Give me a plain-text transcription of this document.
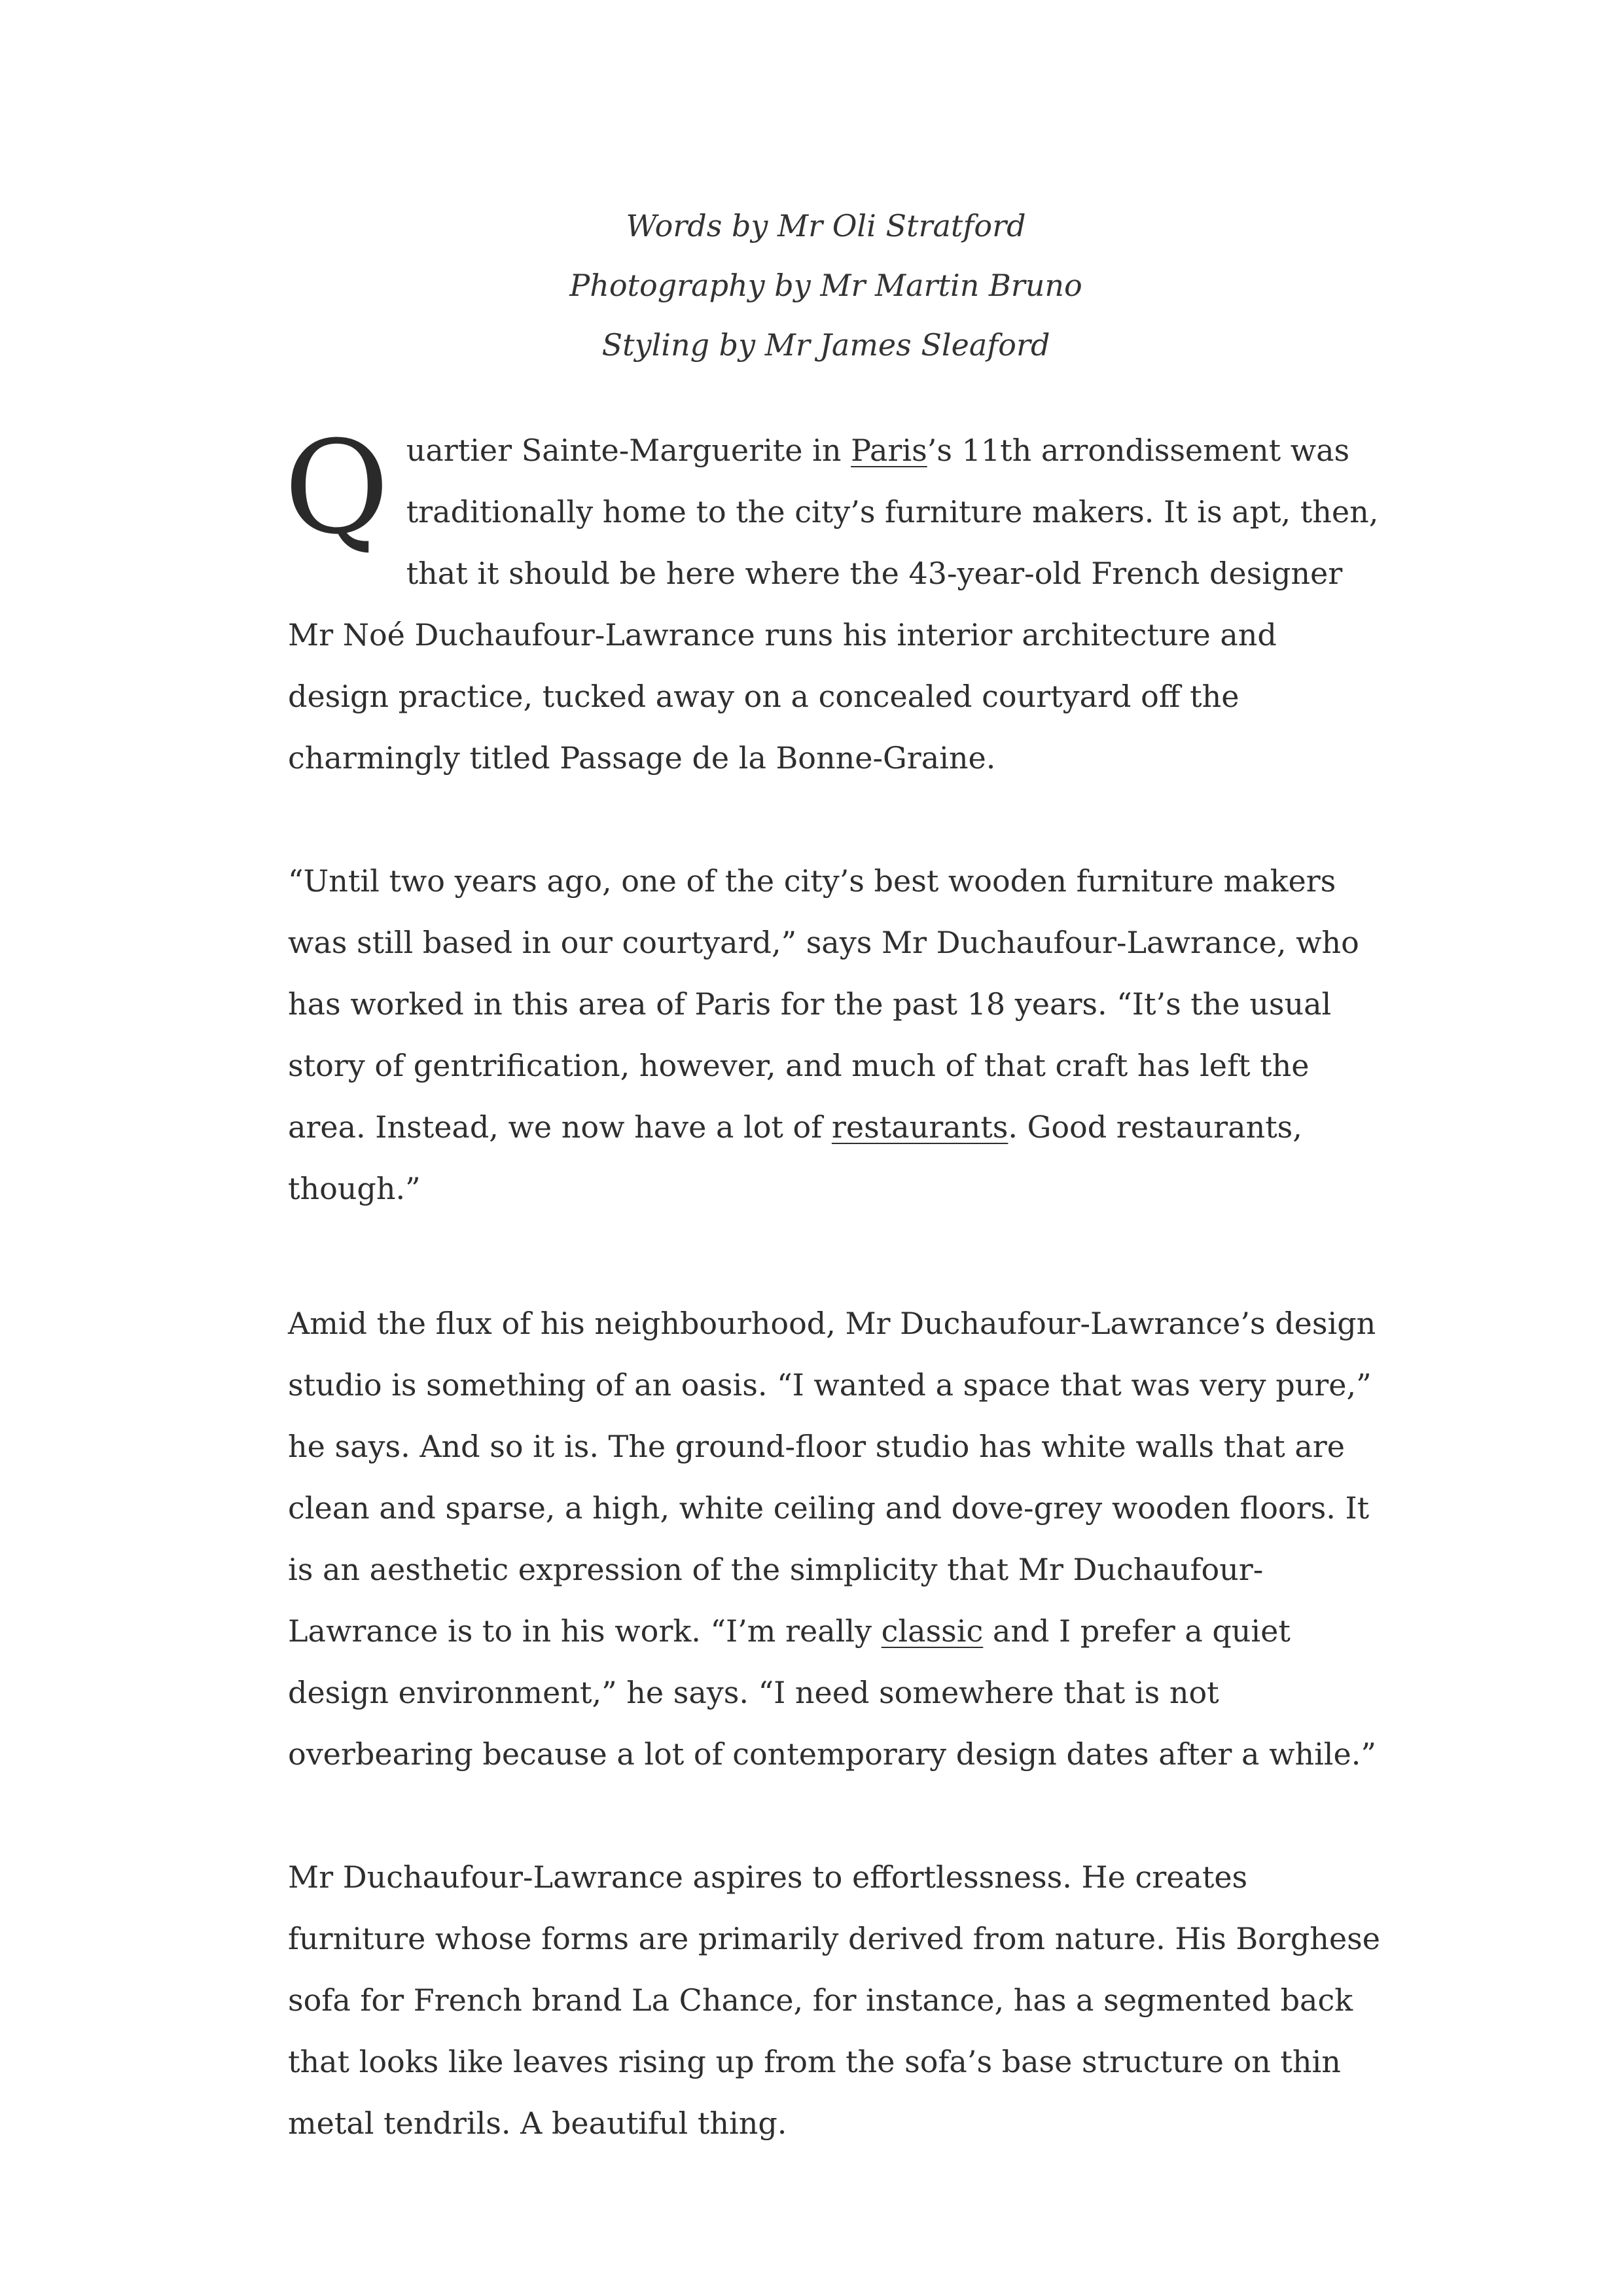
Words by Mr Oli Stratford
Photography by Mr Martin Bruno
Styling by Mr James Sleaford

Quartier Sainte-Marguerite in Paris’s 11th arrondissement was traditionally home to the city’s furniture makers. It is apt, then, that it should be here where the 43-year-old French designer Mr Noé Duchaufour-Lawrance runs his interior architecture and design practice, tucked away on a concealed courtyard off the charmingly titled Passage de la Bonne-Graine.

“Until two years ago, one of the city’s best wooden furniture makers was still based in our courtyard,” says Mr Duchaufour-Lawrance, who has worked in this area of Paris for the past 18 years. “It’s the usual story of gentrification, however, and much of that craft has left the area. Instead, we now have a lot of restaurants. Good restaurants, though.”

Amid the flux of his neighbourhood, Mr Duchaufour-Lawrance’s design studio is something of an oasis. “I wanted a space that was very pure,” he says. And so it is. The ground-floor studio has white walls that are clean and sparse, a high, white ceiling and dove-grey wooden floors. It is an aesthetic expression of the simplicity that Mr Duchaufour-Lawrance is to in his work. “I’m really classic and I prefer a quiet design environment,” he says. “I need somewhere that is not overbearing because a lot of contemporary design dates after a while.”

Mr Duchaufour-Lawrance aspires to effortlessness. He creates furniture whose forms are primarily derived from nature. His Borghese sofa for French brand La Chance, for instance, has a segmented back that looks like leaves rising up from the sofa’s base structure on thin metal tendrils. A beautiful thing.
